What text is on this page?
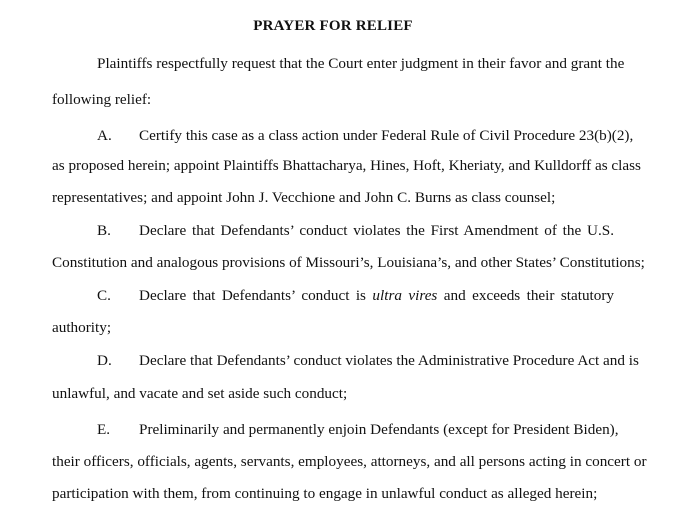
PRAYER FOR RELIEF
Plaintiffs respectfully request that the Court enter judgment in their favor and grant the
following relief:
A. Certify this case as a class action under Federal Rule of Civil Procedure 23(b)(2),
as proposed herein; appoint Plaintiffs Bhattacharya, Hines, Hoft, Kheriaty, and Kulldorff as class
representatives; and appoint John J. Vecchione and John C. Burns as class counsel;
B. Declare that Defendants’ conduct violates the First Amendment of the U.S.
Constitution and analogous provisions of Missouri’s, Louisiana’s, and other States’ Constitutions;
C. Declare that Defendants’ conduct is ultra vires and exceeds their statutory
authority;
D. Declare that Defendants’ conduct violates the Administrative Procedure Act and is
unlawful, and vacate and set aside such conduct;
E. Preliminarily and permanently enjoin Defendants (except for President Biden),
their officers, officials, agents, servants, employees, attorneys, and all persons acting in concert or
participation with them, from continuing to engage in unlawful conduct as alleged herein;
